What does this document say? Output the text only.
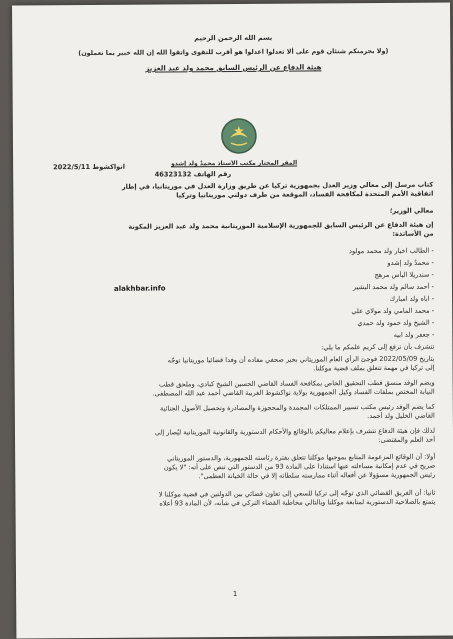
بسم الله الرحمن الرحيم
(ولا يجرمنكم شنئان قوم على ألا تعدلوا اعدلوا هو أقرب للتقوى واتقوا الله إن الله خبير بما تعملون)
هيئة الدفاع عن الرئيس السابق محمد ولد عبد العزيز
المقر المختار مكتب الأستاذ محمدٌ ولد إشدو
رقم الهاتف 46323132
انواكشوط 2022/5/11
كتاب مرسل إلى معالي وزير العدل بجمهورية تركيا عن طريق وزارة العدل في موريتانيا، في إطار
اتفاقية الأمم المتحدة لمكافحة الفساد، الموقعة من طرف دولتي موريتانيا وتركيا
معالي الوزير؛
إن هيئة الدفاع عن الرئيس السابق للجمهورية الإسلامية الموريتانية محمد ولد عبد العزيز المكونة
من الأساتذة:
- الطالب اخيار ولد محمد مولود
- محمدٌ ولد إشدو
- سندريلا اليأس مرهج
- أحمد سالم ولد محمد البشير
- اباه ولد امبارك
- محمد المامي ولد مولاي علي
- الشيخ ولد حمود ولد حمدي
- جعفر ولد ابيه
alakhbar.info
تتشرف بأن ترفع إلى كريم علمكم ما يلي:
بتاريخ 2022/05/09 فوجئ الرأي العام الموريتاني بخبر صحفي مفاده أن وفدا قضائيا موريتانيا توجّه
إلى تركيا في مهمة تتعلق بملف قضية موكلنا.
ويضم الوفد منسق قطب التحقيق الخاص بمكافحة الفساد القاضي الحسين الشيخ كبادي، وملحق قطب
النيابة المختص بملفات الفساد وكيل الجمهورية بولاية نواكشوط الغربية القاضي أحمد عبد الله المصطفى.
كما يضم الوفد رئيس مكتب تسيير الممتلكات المجمدة والمحجوزة والمصادرة وتحصيل الأصول الجنائية
القاضي الخليل ولد أحمد.
لذلك فإن هيئة الدفاع تتشرف بإعلام معاليكم بالوقائع والأحكام الدستورية والقانونية الموريتانية ليُصار إلى
أخذ العلم والمقتضى:
أولا: أن الوقائع المزعومة المتابع بموجبها موكلنا تتعلق بفترة رئاسته للجمهورية، والدستور الموريتاني
صريح في عدم إمكانية مساءلته عنها استنادا على المادة 93 من الدستور التي تنص على أنه: "لا يكون
رئيس الجمهورية مسؤولا عن أفعاله أثناء ممارسته سلطاته إلا في حالة الخيانة العظمى".
ثانيا: أن الفريق القضائي الذي توجّه إلى تركيا للسعي إلى تعاون قضائي بين الدولتين في قضية موكلنا لا
يتمتع بالصلاحية الدستورية لمتابعة موكلنا وبالتالي مخاطبة القضاء التركي في شأنه، لأن المادة 93 أعلاه
1
